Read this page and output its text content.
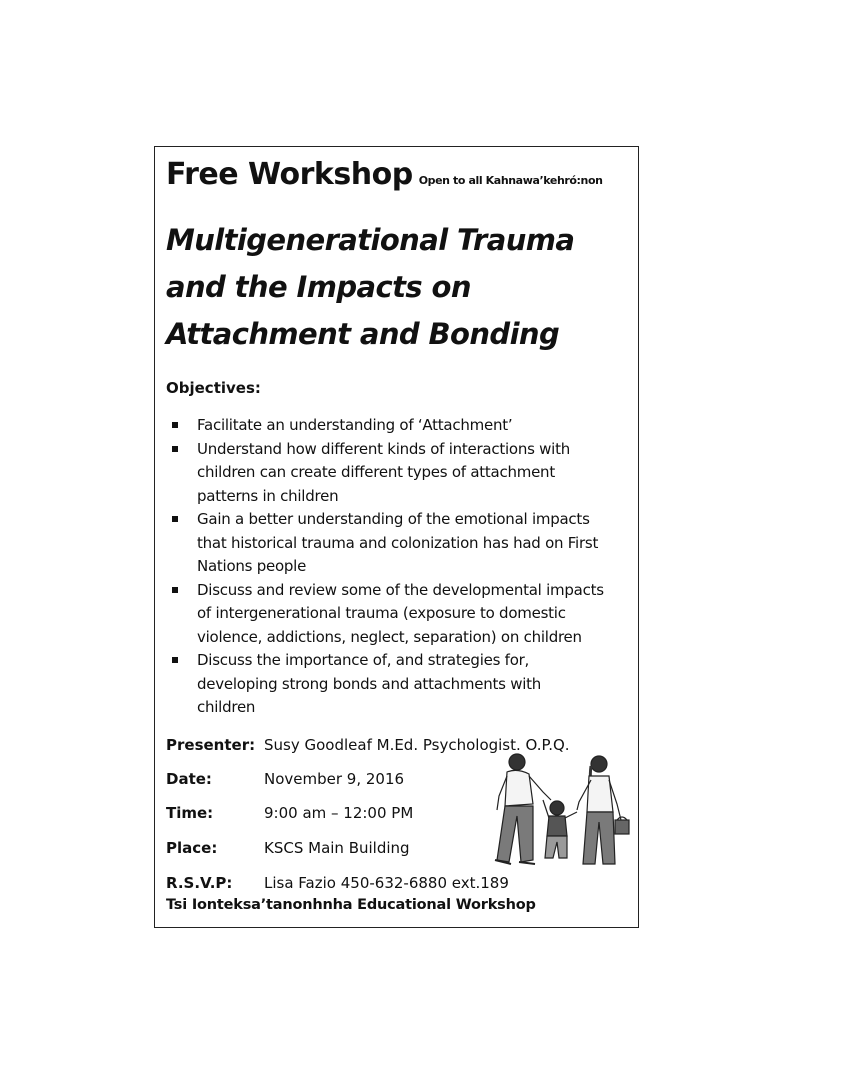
Free Workshop Open to all Kahnawa’kehró:non
Multigenerational Trauma
and the Impacts on
Attachment and Bonding
Objectives:
Facilitate an understanding of ‘Attachment’
Understand how different kinds of interactions with
children can create different types of attachment
patterns in children
Gain a better understanding of the emotional impacts
that historical trauma and colonization has had on First
Nations people
Discuss and review some of the developmental impacts
of intergenerational trauma (exposure to domestic
violence, addictions, neglect, separation) on children
Discuss the importance of, and strategies for,
developing strong bonds and attachments with
children
Presenter: Susy Goodleaf M.Ed. Psychologist. O.P.Q.
Date:	November 9, 2016
Time:	9:00 am – 12:00 PM
Place:	KSCS Main Building
R.S.V.P: Lisa Fazio 450-632-6880 ext.189
Tsi Ionteksa’tanonhnha Educational Workshop
